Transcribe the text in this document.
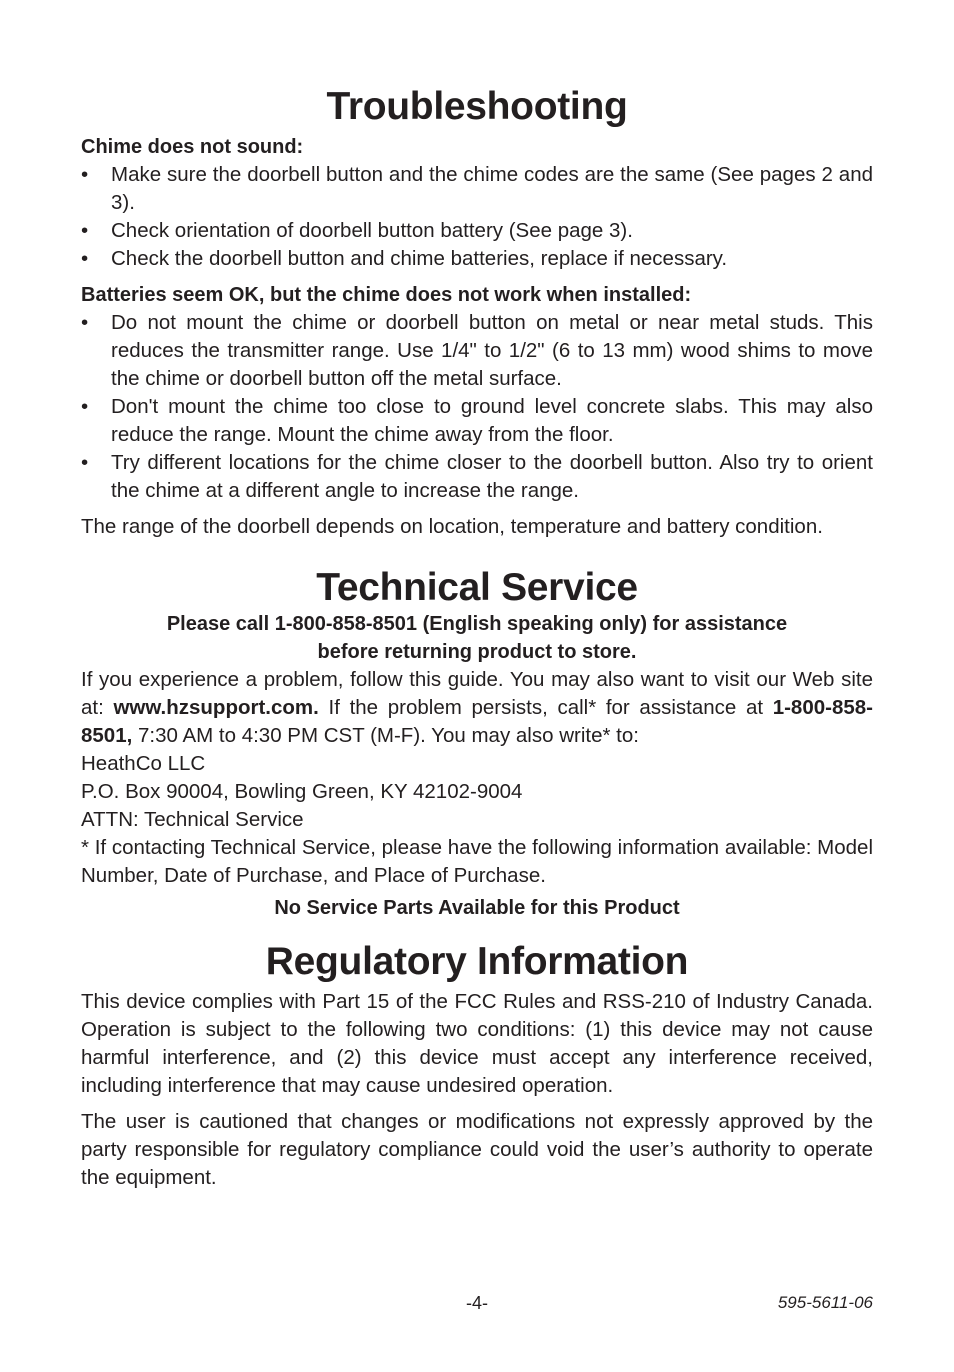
Troubleshooting

Chime does not sound:

• Make sure the doorbell button and the chime codes are the same (See pages 2 and 3).
• Check orientation of doorbell button battery (See page 3).
• Check the doorbell button and chime batteries, replace if necessary.

Batteries seem OK, but the chime does not work when installed:

• Do not mount the chime or doorbell button on metal or near metal studs. This reduces the transmitter range. Use 1/4" to 1/2" (6 to 13 mm) wood shims to move the chime or doorbell button off the metal surface.
• Don't mount the chime too close to ground level concrete slabs. This may also reduce the range. Mount the chime away from the floor.
• Try different locations for the chime closer to the doorbell button. Also try to orient the chime at a different angle to increase the range.

The range of the doorbell depends on location, temperature and battery condition.

Technical Service

Please call 1-800-858-8501 (English speaking only) for assistance

before returning product to store.

If you experience a problem, follow this guide. You may also want to visit our Web site at: www.hzsupport.com. If the problem persists, call* for assistance at 1-800-858-8501, 7:30 AM to 4:30 PM CST (M-F). You may also write* to:

HeathCo LLC

P.O. Box 90004, Bowling Green, KY 42102-9004

ATTN: Technical Service

* If contacting Technical Service, please have the following information available: Model Number, Date of Purchase, and Place of Purchase.

No Service Parts Available for this Product

Regulatory Information

This device complies with Part 15 of the FCC Rules and RSS-210 of Industry Canada. Operation is subject to the following two conditions: (1) this device may not cause harmful interference, and (2) this device must accept any interference received, including interference that may cause undesired operation.

The user is cautioned that changes or modifications not expressly approved by the party responsible for regulatory compliance could void the user’s authority to operate the equipment.

-4-	595-5611-06
